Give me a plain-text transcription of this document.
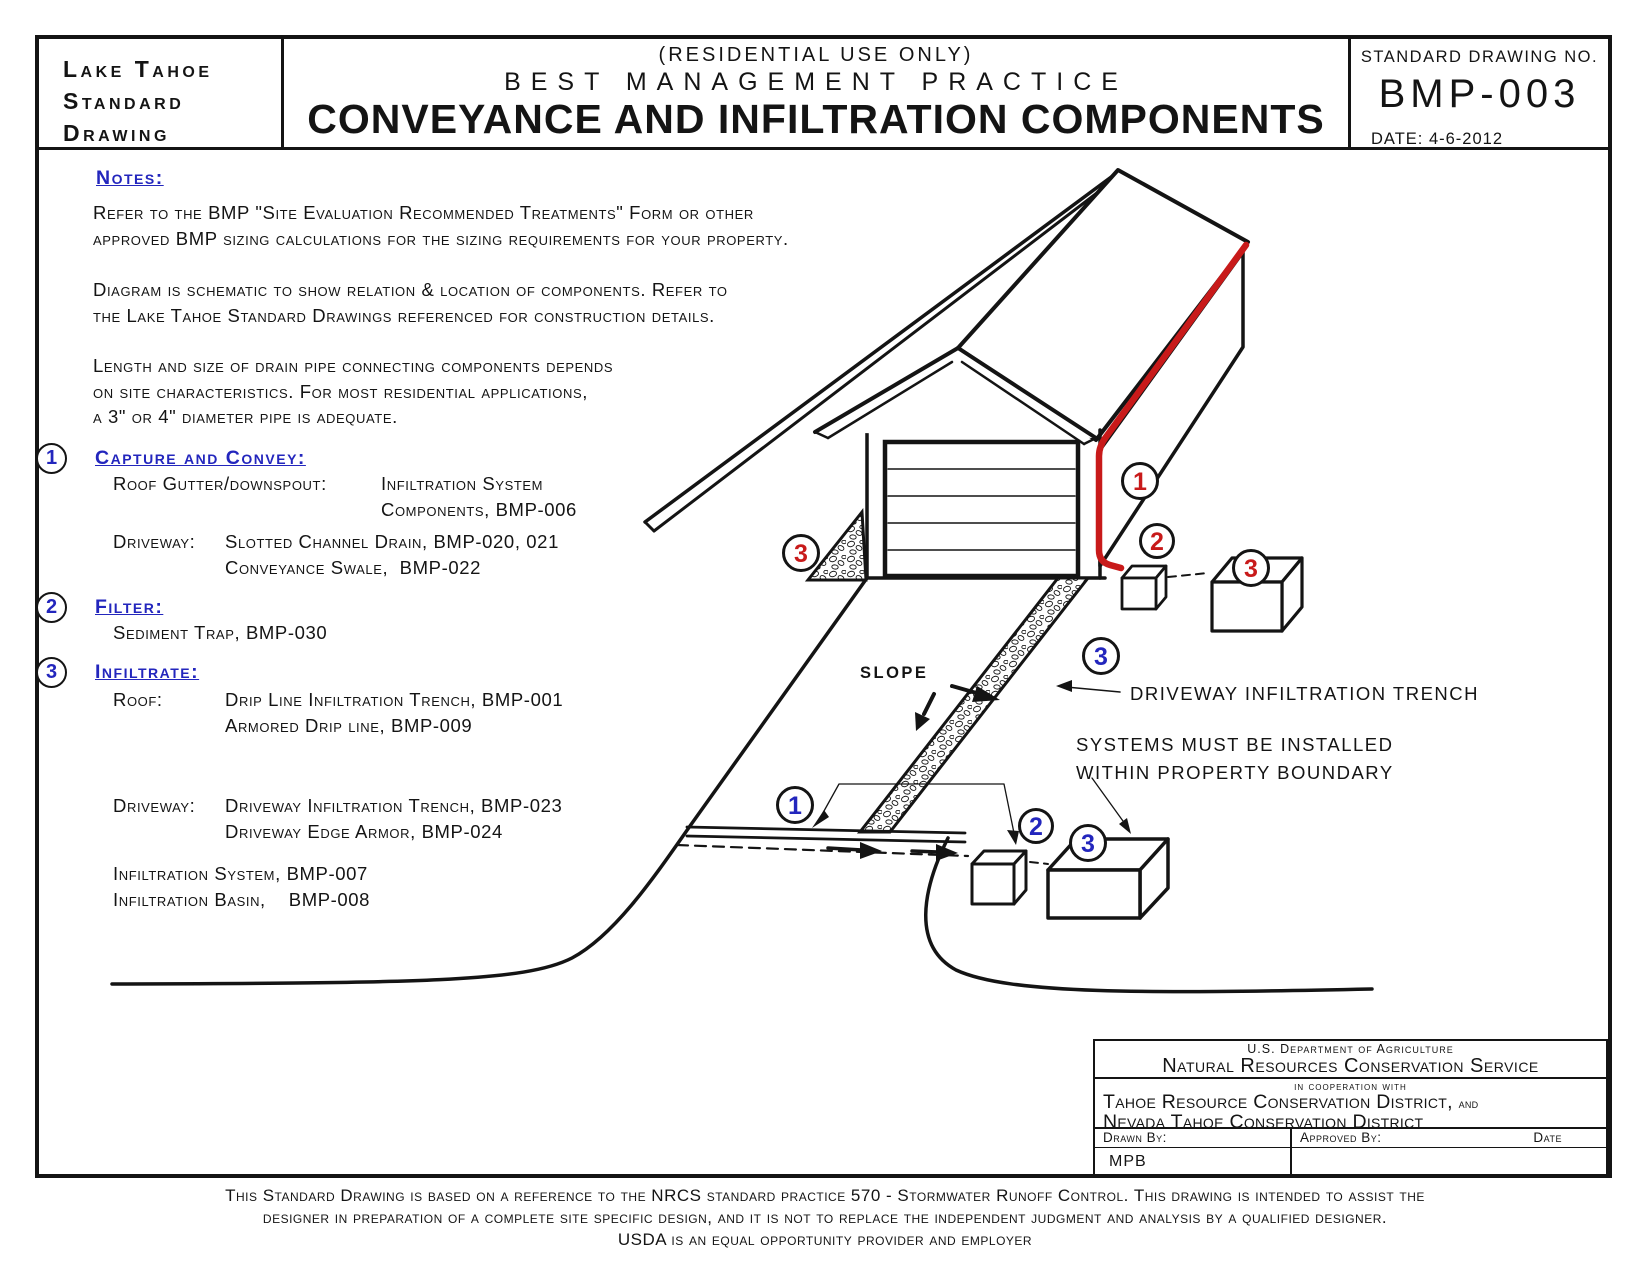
Lake Tahoe
Standard
Drawing
(RESIDENTIAL USE ONLY)
BEST MANAGEMENT PRACTICE
CONVEYANCE AND INFILTRATION COMPONENTS
STANDARD DRAWING NO.
BMP-003
DATE: 4-6-2012
Notes:
Refer to the BMP "Site Evaluation Recommended Treatments" Form or other
approved BMP sizing calculations for the sizing requirements for your property.
Diagram is schematic to show relation & location of components. Refer to
the Lake Tahoe Standard Drawings referenced for construction details.
Length and size of drain pipe connecting components depends
on site characteristics. For most residential applications,
a 3" or 4" diameter pipe is adequate.
1	Capture and Convey:
Roof Gutter/downspout:	Infiltration System
Components, BMP-006
Driveway:	Slotted Channel Drain, BMP-020, 021
Conveyance Swale,  BMP-022
2	Filter:
Sediment Trap, BMP-030
3	Infiltrate:
Roof:	Drip Line Infiltration Trench, BMP-001
Armored Drip line, BMP-009
Driveway:	Driveway Infiltration Trench, BMP-023
Driveway Edge Armor, BMP-024
Infiltration System, BMP-007
Infiltration Basin,    BMP-008
SLOPE
DRIVEWAY INFILTRATION TRENCH
SYSTEMS MUST BE INSTALLED
WITHIN PROPERTY BOUNDARY
1
2
3
3
3
1
2
3
U.S. Department of Agriculture
Natural Resources Conservation Service
in cooperation with
Tahoe Resource Conservation District, and
Nevada Tahoe Conservation District
Drawn By:
MPB
Approved By:	Date
This Standard Drawing is based on a reference to the NRCS standard practice 570 - Stormwater Runoff Control. This drawing is intended to assist the
designer in preparation of a complete site specific design, and it is not to replace the independent judgment and analysis by a qualified designer.
USDA is an equal opportunity provider and employer
